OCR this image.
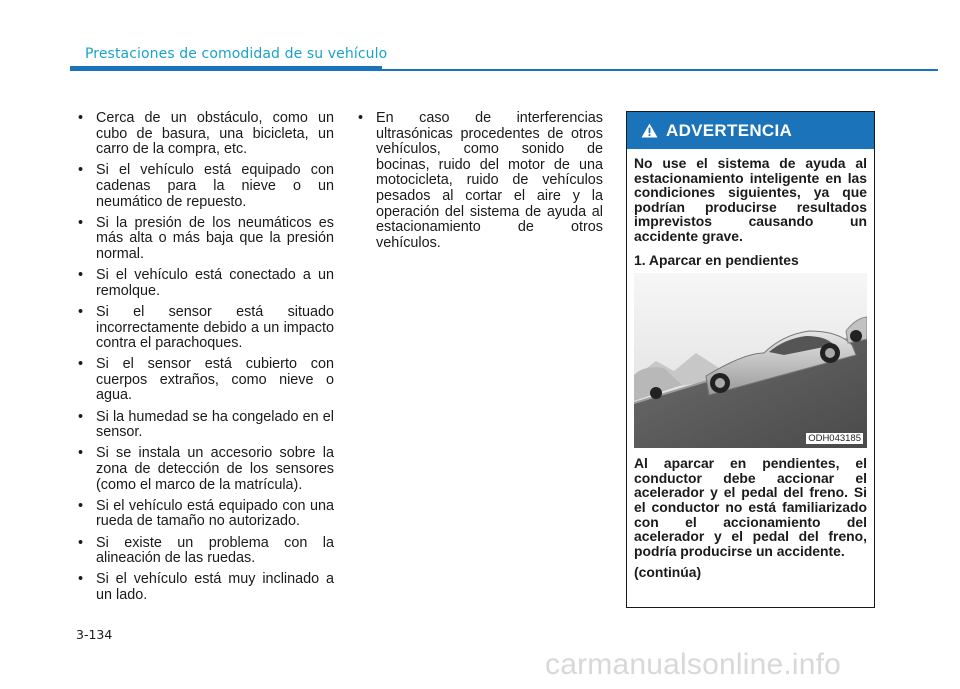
Prestaciones de comodidad de su vehículo
• Cerca de un obstáculo, como un cubo de basura, una bicicleta, un carro de la compra, etc.
• Si el vehículo está equipado con cadenas para la nieve o un neumático de repuesto.
• Si la presión de los neumáticos es más alta o más baja que la presión normal.
• Si el vehículo está conectado a un remolque.
• Si el sensor está situado incorrectamente debido a un impacto contra el parachoques.
• Si el sensor está cubierto con cuerpos extraños, como nieve o agua.
• Si la humedad se ha congelado en el sensor.
• Si se instala un accesorio sobre la zona de detección de los sensores (como el marco de la matrícula).
• Si el vehículo está equipado con una rueda de tamaño no autorizado.
• Si existe un problema con la alineación de las ruedas.
• Si el vehículo está muy inclinado a un lado.
• En caso de interferencias ultrasónicas procedentes de otros vehículos, como sonido de bocinas, ruido del motor de una motocicleta, ruido de vehículos pesados al cortar el aire y la operación del sistema de ayuda al estacionamiento de otros vehículos.
ADVERTENCIA

No use el sistema de ayuda al estacionamiento inteligente en las condiciones siguientes, ya que podrían producirse resultados imprevistos causando un accidente grave.

1. Aparcar en pendientes

ODH043185

Al aparcar en pendientes, el conductor debe accionar el acelerador y el pedal del freno. Si el conductor no está familiarizado con el accionamiento del acelerador y el pedal del freno, podría producirse un accidente.

(continúa)

3-134
carmanualsonline.info
